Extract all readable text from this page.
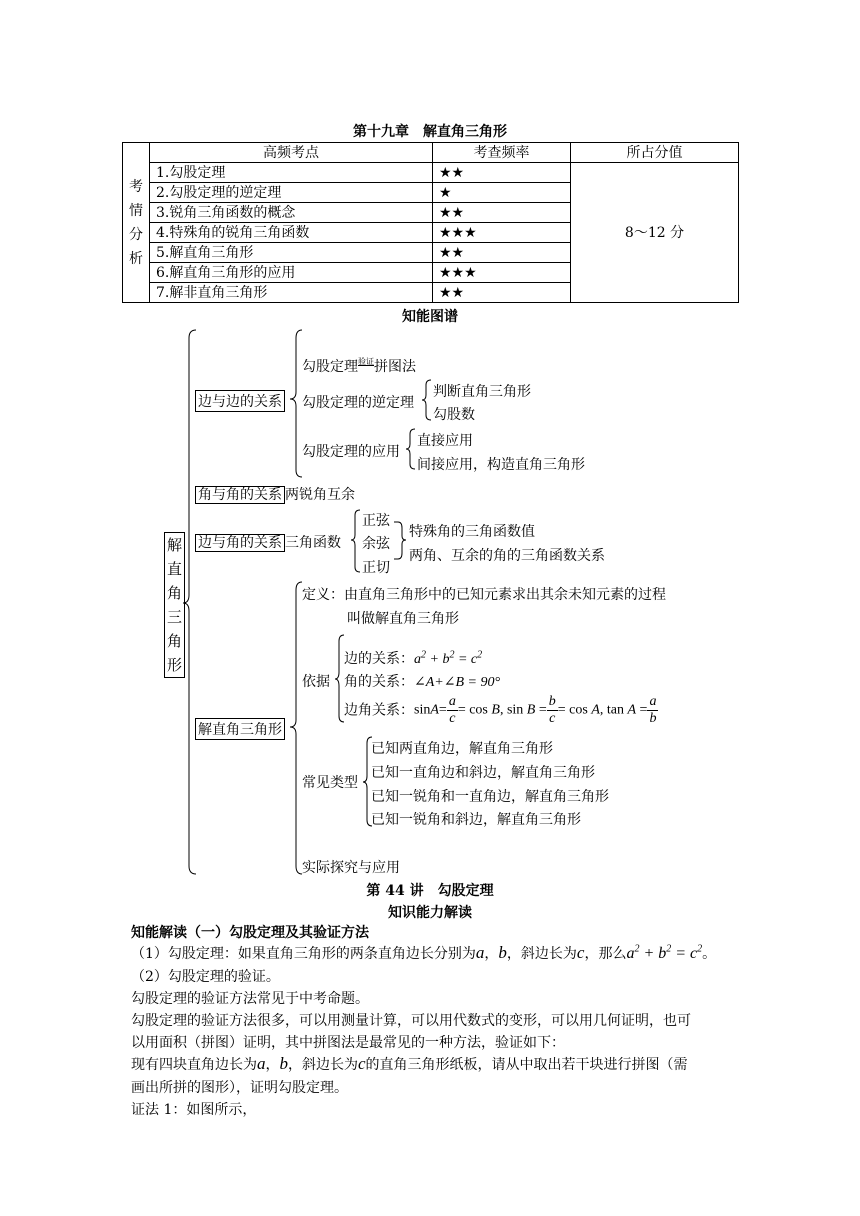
第十九章　解直角三角形
考
情
分
析	高频考点	考查频率	所占分值
	1.勾股定理	★★	8～12 分
	2.勾股定理的逆定理	★	
	3.锐角三角函数的概念	★★	
	4.特殊角的锐角三角函数	★★★	
	5.解直角三角形	★★	
	6.解直角三角形的应用	★★★	
	7.解非直角三角形	★★	
知能图谱
解
直
角
三
角
形
边与边的关系
勾股定理$^{验证}$拼图法
勾股定理的逆定理
判断直角三角形
勾股数
勾股定理的应用
直接应用
间接应用，构造直角三角形
角与角的关系 两锐角互余
边与角的关系 三角函数
正弦
余弦
正切
特殊角的三角函数值
两角、互余的角的三角函数关系
解直角三角形
定义：由直角三角形中的已知元素求出其余未知元素的过程
叫做解直角三角形
依据
边的关系：$a^2 + b^2 = c^2$
角的关系：∠A+∠B = 90°
边角关系：$\sin A= \frac{a}{c} = \cos B$, $\sin B = \frac{b}{c} = \cos A$, $\tan A = \frac{a}{b}$
常见类型
已知两直角边，解直角三角形
已知一直角边和斜边，解直角三角形
已知一锐角和一直角边，解直角三角形
已知一锐角和斜边，解直角三角形
实际探究与应用
第 44 讲　勾股定理
知识能力解读
知能解读（一）勾股定理及其验证方法
（1）勾股定理：如果直角三角形的两条直角边长分别为a，b，斜边长为c，那么$a^2 + b^2 = c^2$。
（2）勾股定理的验证。
勾股定理的验证方法常见于中考命题。
勾股定理的验证方法很多，可以用测量计算，可以用代数式的变形，可以用几何证明，也可
以用面积（拼图）证明，其中拼图法是最常见的一种方法，验证如下：
现有四块直角边长为a，b，斜边长为c的直角三角形纸板，请从中取出若干块进行拼图（需
画出所拼的图形），证明勾股定理。
证法 1：如图所示，
